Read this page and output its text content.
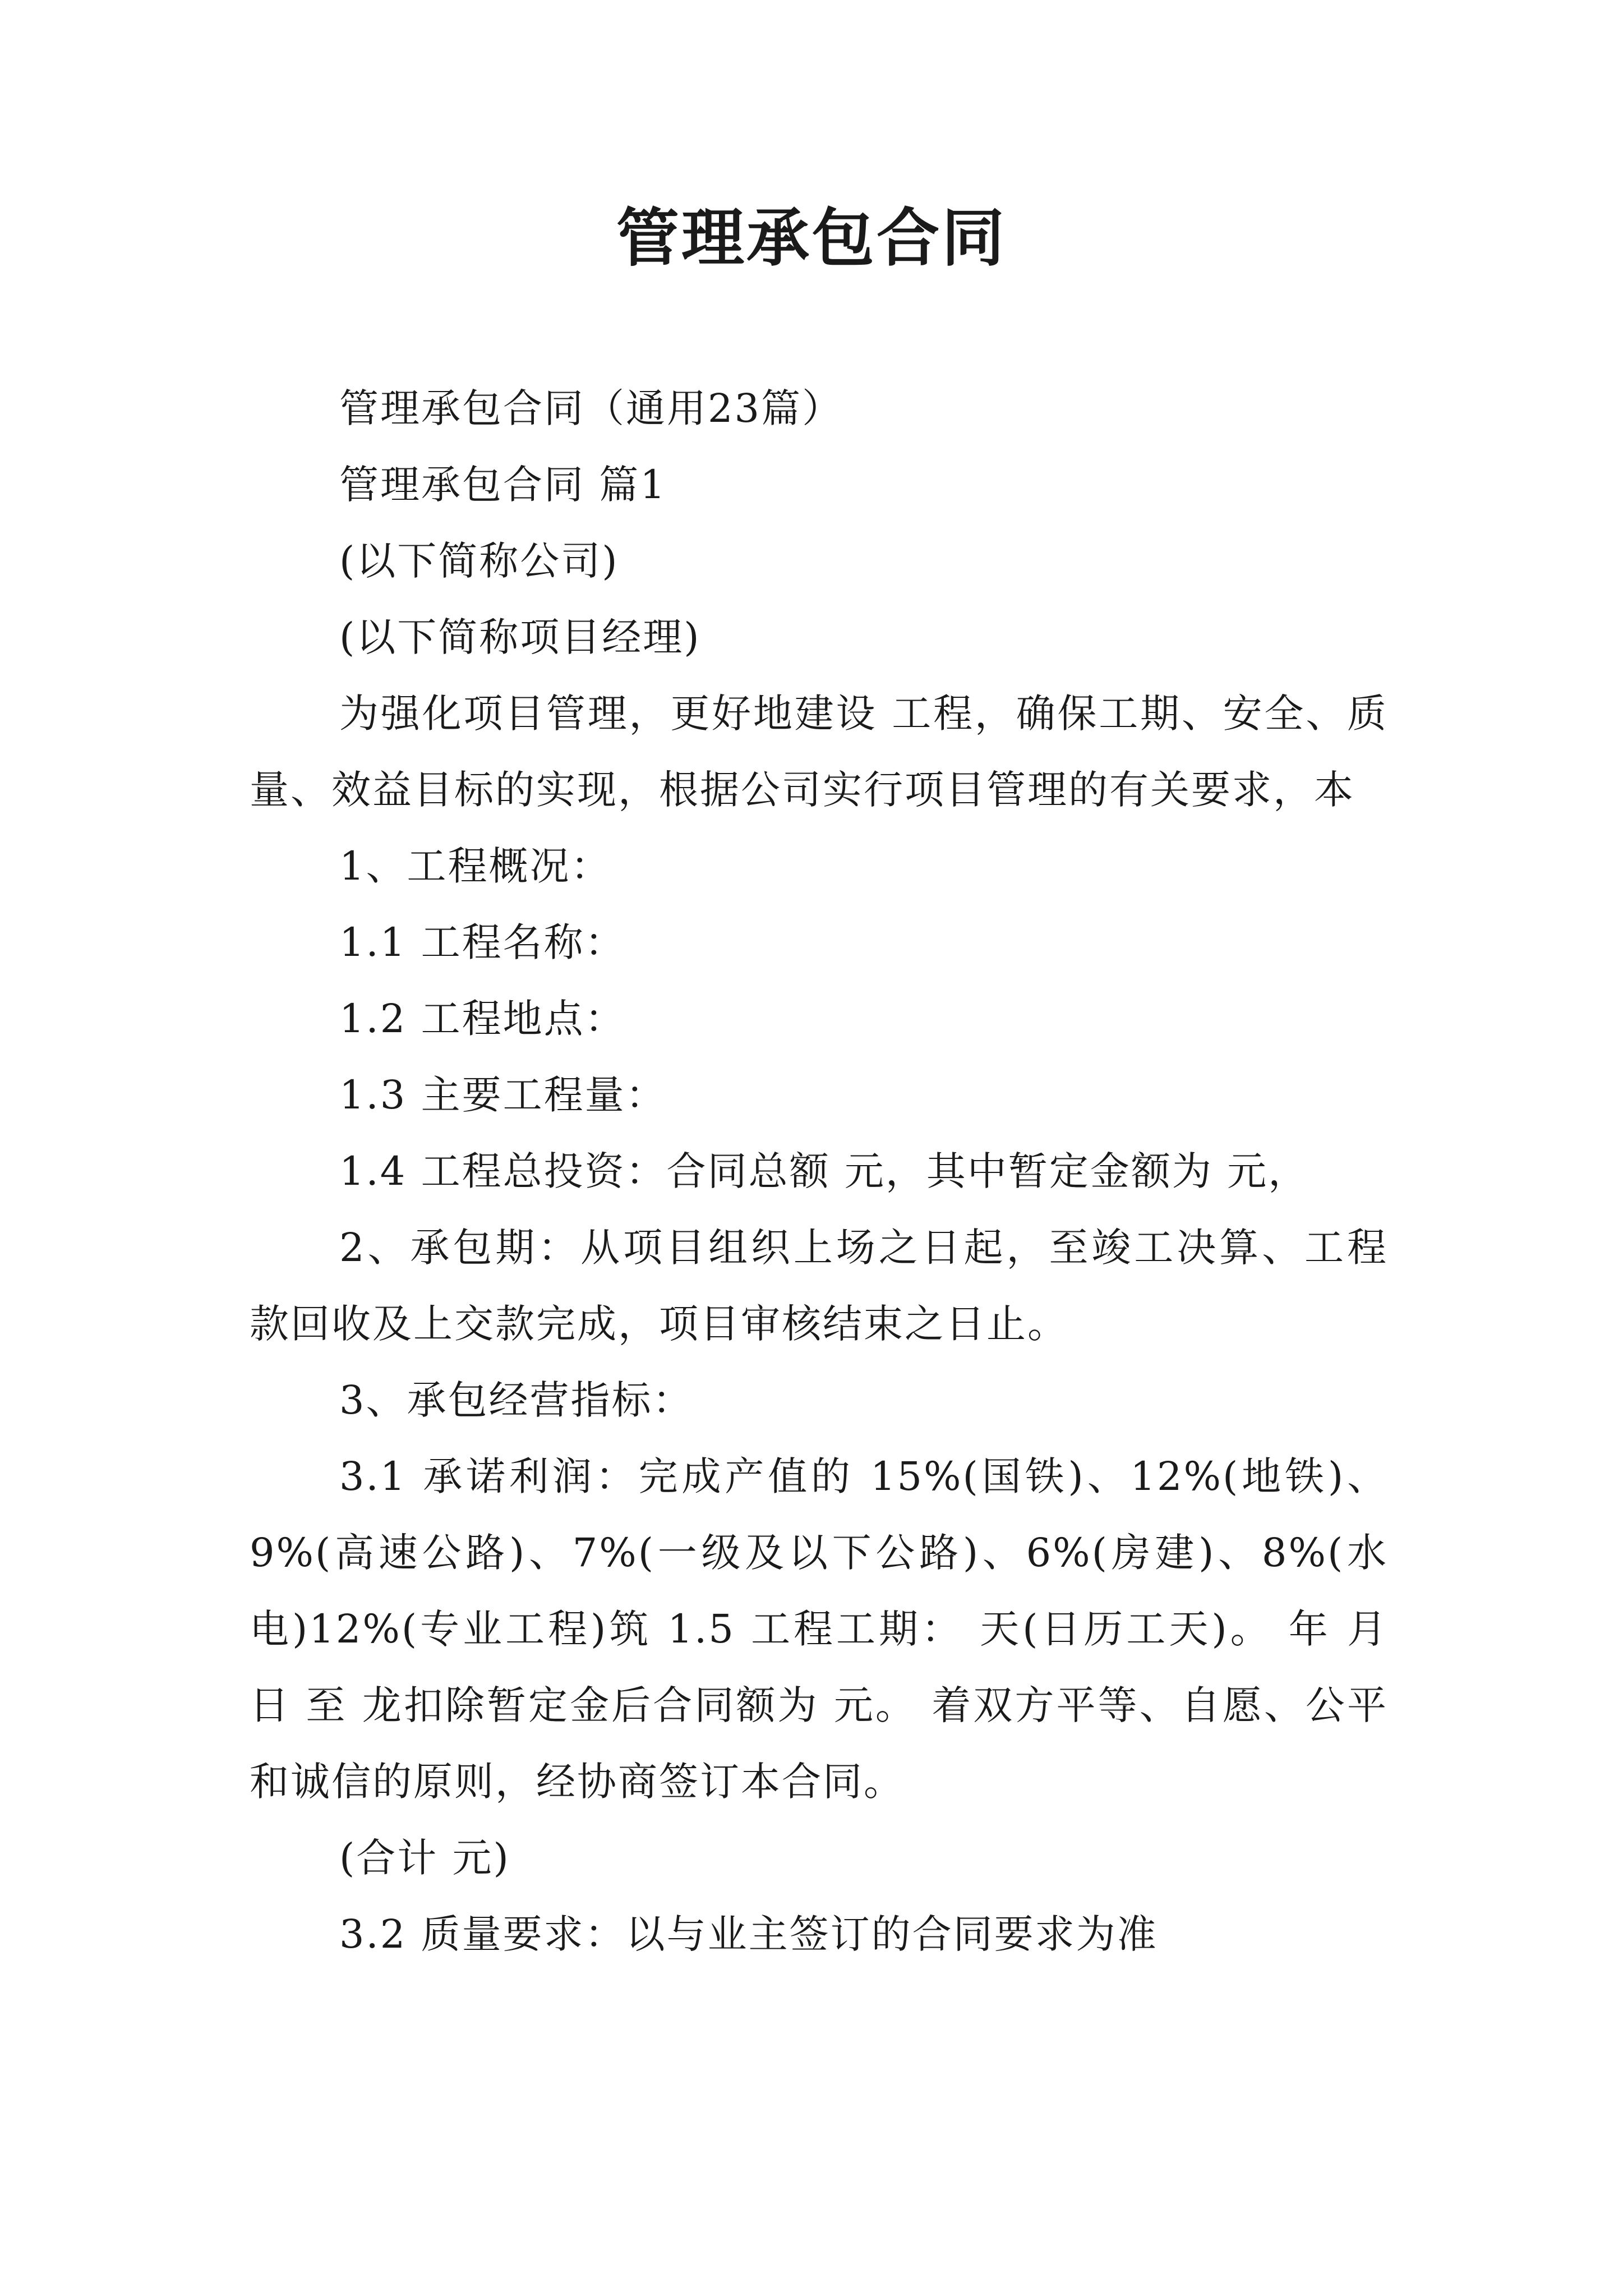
管理承包合同

管理承包合同（通用23篇）

管理承包合同 篇1

(以下简称公司)

(以下简称项目经理)

为强化项目管理，更好地建设 工程，确保工期、安全、质量、效益目标的实现，根据公司实行项目管理的有关要求，本

1、工程概况：

1.1 工程名称：

1.2 工程地点：

1.3 主要工程量：

1.4 工程总投资：合同总额 元，其中暂定金额为 元，

2、承包期：从项目组织上场之日起，至竣工决算、工程款回收及上交款完成，项目审核结束之日止。

3、承包经营指标：

3.1 承诺利润：完成产值的 15%(国铁)、12%(地铁)、9%(高速公路)、7%(一级及以下公路)、6%(房建)、8%(水电)12%(专业工程)筑 1.5 工程工期： 天(日历工天)。 年 月 日 至 龙扣除暂定金后合同额为 元。 着双方平等、自愿、公平和诚信的原则，经协商签订本合同。

(合计 元)

3.2 质量要求：以与业主签订的合同要求为准
